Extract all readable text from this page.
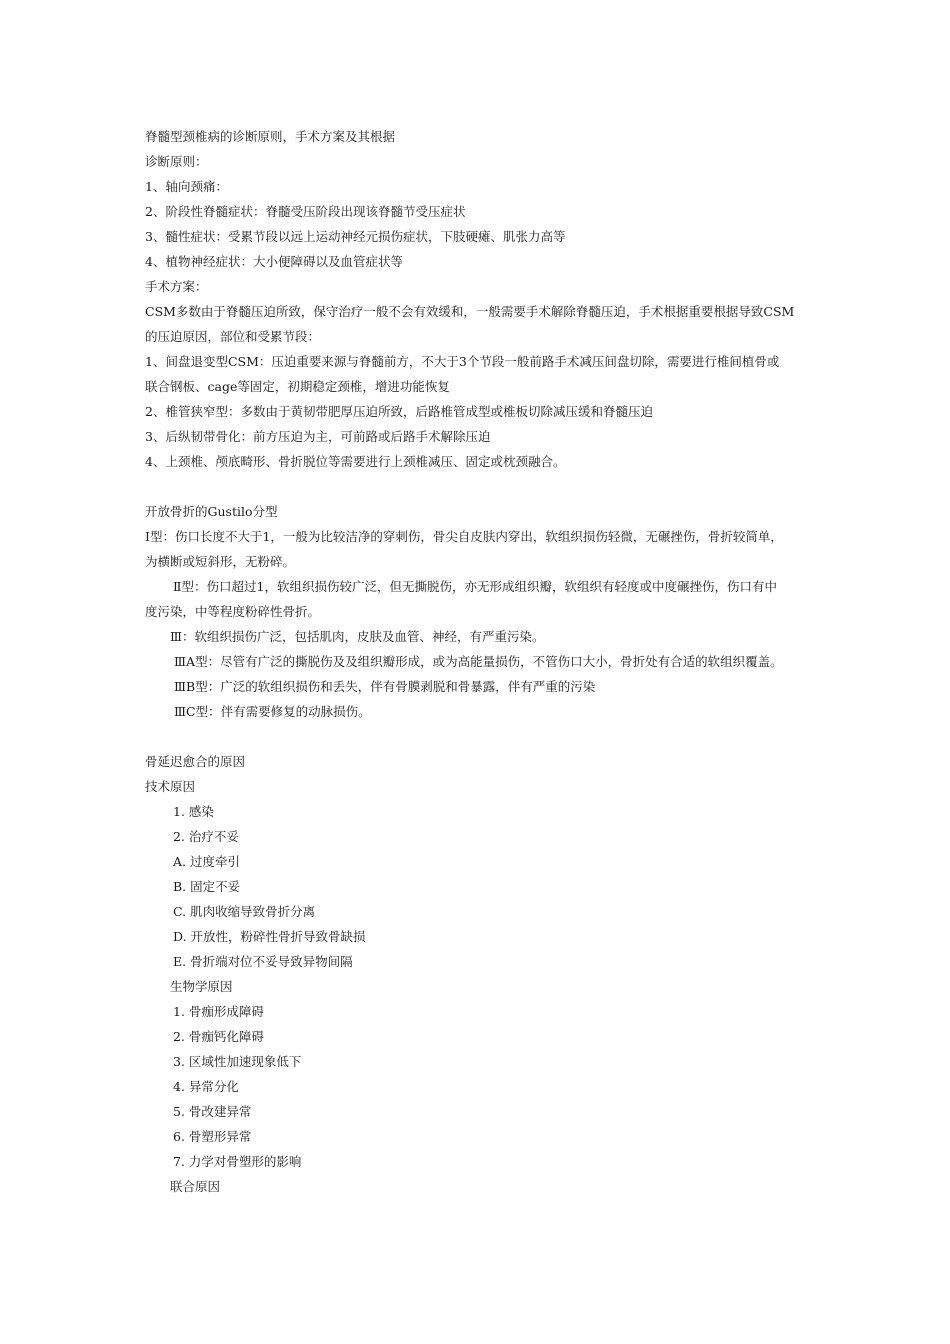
脊髓型颈椎病的诊断原则，手术方案及其根据
诊断原则：
1、轴向颈痛：
2、阶段性脊髓症状：脊髓受压阶段出现该脊髓节受压症状
3、髓性症状：受累节段以远上运动神经元损伤症状，下肢硬瘫、肌张力高等
4、植物神经症状：大小便障碍以及血管症状等
手术方案：
CSM多数由于脊髓压迫所致，保守治疗一般不会有效缓和，一般需要手术解除脊髓压迫，手术根据重要根据导致CSM
的压迫原因，部位和受累节段：
1、间盘退变型CSM：压迫重要来源与脊髓前方，不大于3个节段一般前路手术减压间盘切除，需要进行椎间植骨或
联合钢板、cage等固定，初期稳定颈椎，增进功能恢复
2、椎管狭窄型：多数由于黄韧带肥厚压迫所致，后路椎管成型或椎板切除减压缓和脊髓压迫
3、后纵韧带骨化：前方压迫为主，可前路或后路手术解除压迫
4、上颈椎、颅底畸形、骨折脱位等需要进行上颈椎减压、固定或枕颈融合。
开放骨折的Gustilo分型
Ⅰ型：伤口长度不大于1，一般为比较洁净的穿刺伤，骨尖自皮肤内穿出，软组织损伤轻微，无碾挫伤，骨折较简单，
为横断或短斜形，无粉碎。
Ⅱ型：伤口超过1，软组织损伤较广泛，但无撕脱伤，亦无形成组织瓣，软组织有轻度或中度碾挫伤，伤口有中
度污染，中等程度粉碎性骨折。
Ⅲ：软组织损伤广泛，包括肌肉，皮肤及血管、神经，有严重污染。
ⅢA型：尽管有广泛的撕脱伤及及组织瓣形成，或为高能量损伤，不管伤口大小，骨折处有合适的软组织覆盖。
ⅢB型：广泛的软组织损伤和丢失，伴有骨膜剥脱和骨暴露，伴有严重的污染
ⅢC型：伴有需要修复的动脉损伤。
骨延迟愈合的原因
技术原因
1. 感染
2. 治疗不妥
A. 过度牵引
B. 固定不妥
C. 肌肉收缩导致骨折分离
D. 开放性，粉碎性骨折导致骨缺损
E. 骨折端对位不妥导致异物间隔
生物学原因
1. 骨痂形成障碍
2. 骨痂钙化障碍
3. 区域性加速现象低下
4. 异常分化
5. 骨改建异常
6. 骨塑形异常
7. 力学对骨塑形的影响
联合原因
